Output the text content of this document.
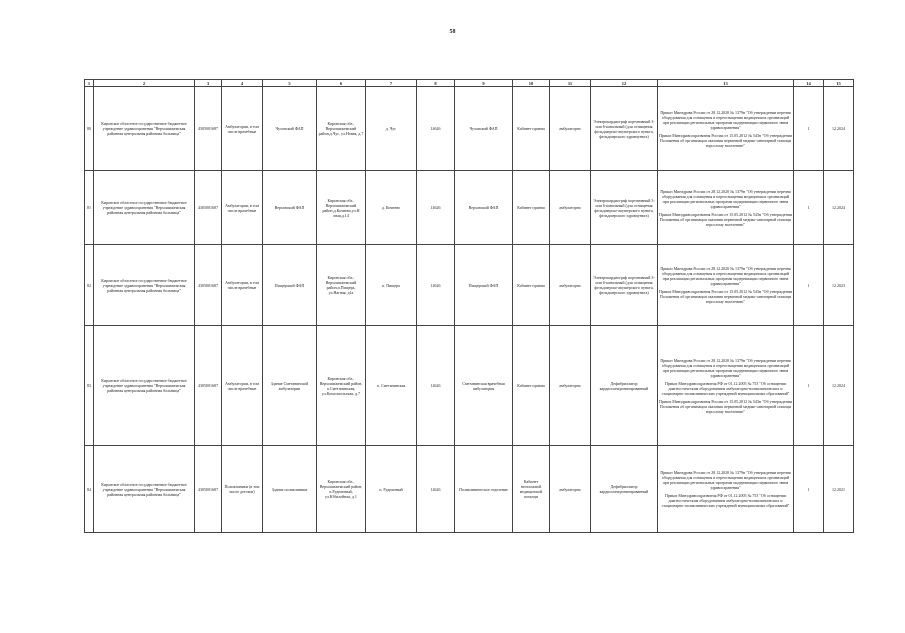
58
1	2	3	4	5	6	7	8	9	10	11	12	13	14	15
80	Кировское областное государственное бюджетное учреждение здравоохранения "Верхошижемская районная центральная районная больница"	4305001687	Амбулатории, в том числе врачебные	Чуховский ФАП	Кировская обл., Верхошижемский район,д.Чус, ул.Новая, д.7	д. Чус	14626	Чуховский ФАП	Кабинет приема	амбулаторно	Электрокардиограф портативный 3- или 6-канальный (для оснащения фельдшерско-акушерского пункта, фельдшерского здравпункта)	Приказ Минздрава России от 28.12.2020 № 1379н "Об утверждении перечня оборудования для оснащения и переоснащения медицинских организаций при реализации региональных программ модернизации первичного звена здравоохранения"

Приказ Минздравсоцразвития России от 15.05.2012 № 543н "Об утверждении Положения об организации оказания первичной медико-санитарной помощи взрослому населению"	1	12.2024
81	Кировское областное государственное бюджетное учреждение здравоохранения "Верхошижемская районная центральная районная больница"	4305001687	Амбулатории, в том числе врачебные	Верховский ФАП	Кировская обл., Верхошижемский район,д.Кочнево,ул.Н овая,д.14	д. Кочнево	14626	Верховский ФАП	Кабинет приема	амбулаторно	Электрокардиограф портативный 3- или 6-канальный (для оснащения фельдшерско-акушерского пункта, фельдшерского здравпункта)	Приказ Минздрава России от 28.12.2020 № 1379н "Об утверждении перечня оборудования для оснащения и переоснащения медицинских организаций при реализации региональных программ модернизации первичного звена здравоохранения"

Приказ Минздравсоцразвития России от 15.05.2012 № 543н "Об утверждении Положения об организации оказания первичной медико-санитарной помощи взрослому населению"	1	12.2024
82	Кировское областное государственное бюджетное учреждение здравоохранения "Верхошижемская районная центральная районная больница"	4305001687	Амбулатории, в том числе врачебные	Пищерский ФАП	Кировская обл., Верхошижемский район,п.Пищера, ул.Нагная, д1а	п. Пищера	14626	Пищерский ФАП	Кабинет приема	амбулаторно	Электрокардиограф портативный 3- или 6-канальный (для оснащения фельдшерско-акушерского пункта, фельдшерского здравпункта)	Приказ Минздрава России от 28.12.2020 № 1379н "Об утверждении перечня оборудования для оснащения и переоснащения медицинских организаций при реализации региональных программ модернизации первичного звена здравоохранения"

Приказ Минздравсоцразвития России от 15.05.2012 № 543н "Об утверждении Положения об организации оказания первичной медико-санитарной помощи взрослому населению"	1	12.2023
83	Кировское областное государственное бюджетное учреждение здравоохранения "Верхошижемская районная центральная районная больница"	4305001687	Амбулатории, в том числе врачебные	Здание Сметанинской амбулатории	Кировская обл., Верхошижемский район, п.Сметанинская, ул.Комсомольская, д.7	п. Сметанинская	14626	Сметанинская врачебная амбулатория	Кабинет приема	амбулаторно	Дефибриллятор кардиосинхронизированный	Приказ Минздрава России от 28.12.2020 № 1379н "Об утверждении перечня оборудования для оснащения и переоснащения медицинских организаций при реализации региональных программ модернизации первичного звена здравоохранения"

Приказ Минздравсоцразвития РФ от 01.12.2005 № 753 "Об оснащении диагностическим оборудованием амбулаторно-поликлинических и стационарно-поликлинических учреждений муниципальных образований"

Приказ Минздравсоцразвития России от 15.05.2012 № 543н "Об утверждении Положения об организации оказания первичной медико-санитарной помощи взрослому населению"	1	12.2024
84	Кировское областное государственное бюджетное учреждение здравоохранения "Верхошижемская районная центральная районная больница"	4305001687	Поликлиники (в том числе детские)	Здание поликлиники	Кировская обл., Верхошижемский район, п.Рудничный, ул.Юбилейная, д.1	п. Рудничный	14626	Поликлиническое отделение	Кабинет неотложной медицинской помощи	амбулаторно	Дефибриллятор кардиосинхронизированный	Приказ Минздрава России от 28.12.2020 № 1379н "Об утверждении перечня оборудования для оснащения и переоснащения медицинских организаций при реализации региональных программ модернизации первичного звена здравоохранения"

Приказ Минздравсоцразвития РФ от 01.12.2005 № 753 "Об оснащении диагностическим оборудованием амбулаторно-поликлинических и стационарно-поликлинических учреждений муниципальных образований"	1	12.2021
